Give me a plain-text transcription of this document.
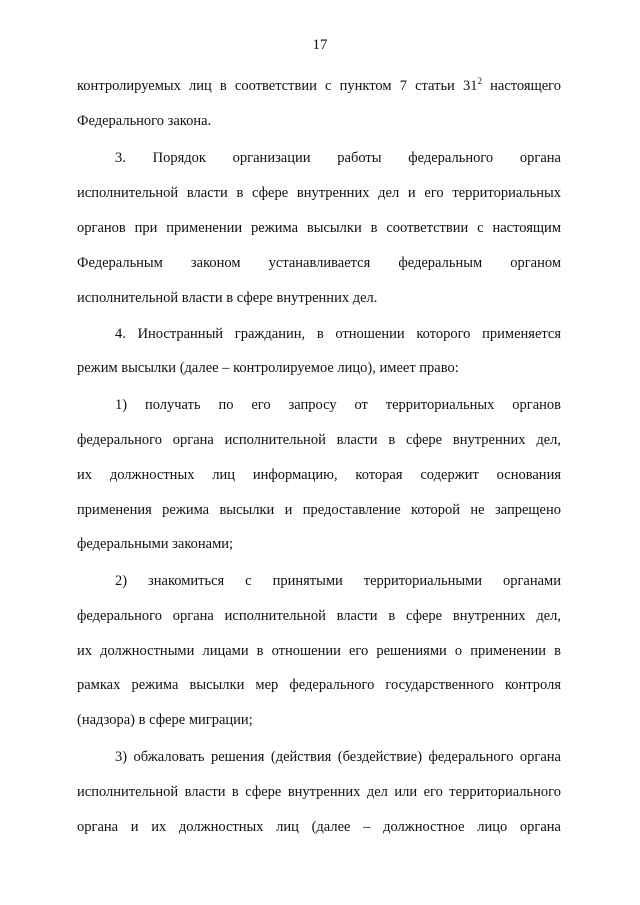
17
контролируемых лиц в соответствии с пунктом 7 статьи $31^2$ настоящего
Федерального закона.
3. Порядок организации работы федерального органа
исполнительной власти в сфере внутренних дел и его территориальных
органов при применении режима высылки в соответствии с настоящим
Федеральным законом устанавливается федеральным органом
исполнительной власти в сфере внутренних дел.
4. Иностранный гражданин, в отношении которого применяется
режим высылки (далее – контролируемое лицо), имеет право:
1) получать по его запросу от территориальных органов
федерального органа исполнительной власти в сфере внутренних дел,
их должностных лиц информацию, которая содержит основания
применения режима высылки и предоставление которой не запрещено
федеральными законами;
2) знакомиться с принятыми территориальными органами
федерального органа исполнительной власти в сфере внутренних дел,
их должностными лицами в отношении его решениями о применении в
рамках режима высылки мер федерального государственного контроля
(надзора) в сфере миграции;
3) обжаловать решения (действия (бездействие) федерального органа
исполнительной власти в сфере внутренних дел или его территориального
органа и их должностных лиц (далее – должностное лицо органа
